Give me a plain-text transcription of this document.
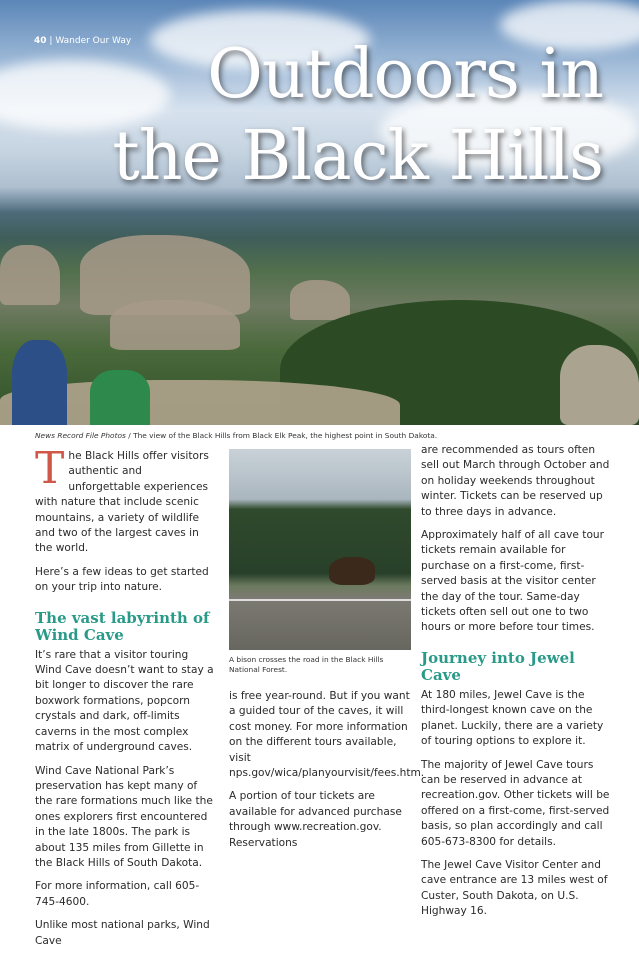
40 | Wander Our Way	Outdoors in
the Black Hills
News Record File Photos / The view of the Black Hills from Black Elk Peak, the highest point in South Dakota.

The Black Hills offer visitors authentic and unforgettable experiences with nature that include scenic mountains, a variety of wildlife and two of the largest caves in the world.

Here’s a few ideas to get started on your trip into nature.

The vast labyrinth of Wind Cave

It’s rare that a visitor touring Wind Cave doesn’t want to stay a bit longer to discover the rare boxwork formations, popcorn crystals and dark, off-limits caverns in the most complex matrix of underground caves.

Wind Cave National Park’s preservation has kept many of the rare formations much like the ones explorers first encountered in the late 1800s. The park is about 135 miles from Gillette in the Black Hills of South Dakota.

For more information, call 605-745-4600.

Unlike most national parks, Wind Cave

A bison crosses the road in the Black Hills National Forest.

is free year-round. But if you want a guided tour of the caves, it will cost money. For more information on the different tours available, visit nps.gov/wica/planyourvisit/fees.htm.

A portion of tour tickets are available for advanced purchase through www.recreation.gov. Reservations

are recommended as tours often sell out March through October and on holiday weekends throughout winter. Tickets can be reserved up to three days in advance.

Approximately half of all cave tour tickets remain available for purchase on a first-come, first-served basis at the visitor center the day of the tour. Same-day tickets often sell out one to two hours or more before tour times.

Journey into Jewel Cave

At 180 miles, Jewel Cave is the third-longest known cave on the planet. Luckily, there are a variety of touring options to explore it.

The majority of Jewel Cave tours can be reserved in advance at recreation.gov. Other tickets will be offered on a first-come, first-served basis, so plan accordingly and call 605-673-8300 for details.

The Jewel Cave Visitor Center and cave entrance are 13 miles west of Custer, South Dakota, on U.S. Highway 16.
